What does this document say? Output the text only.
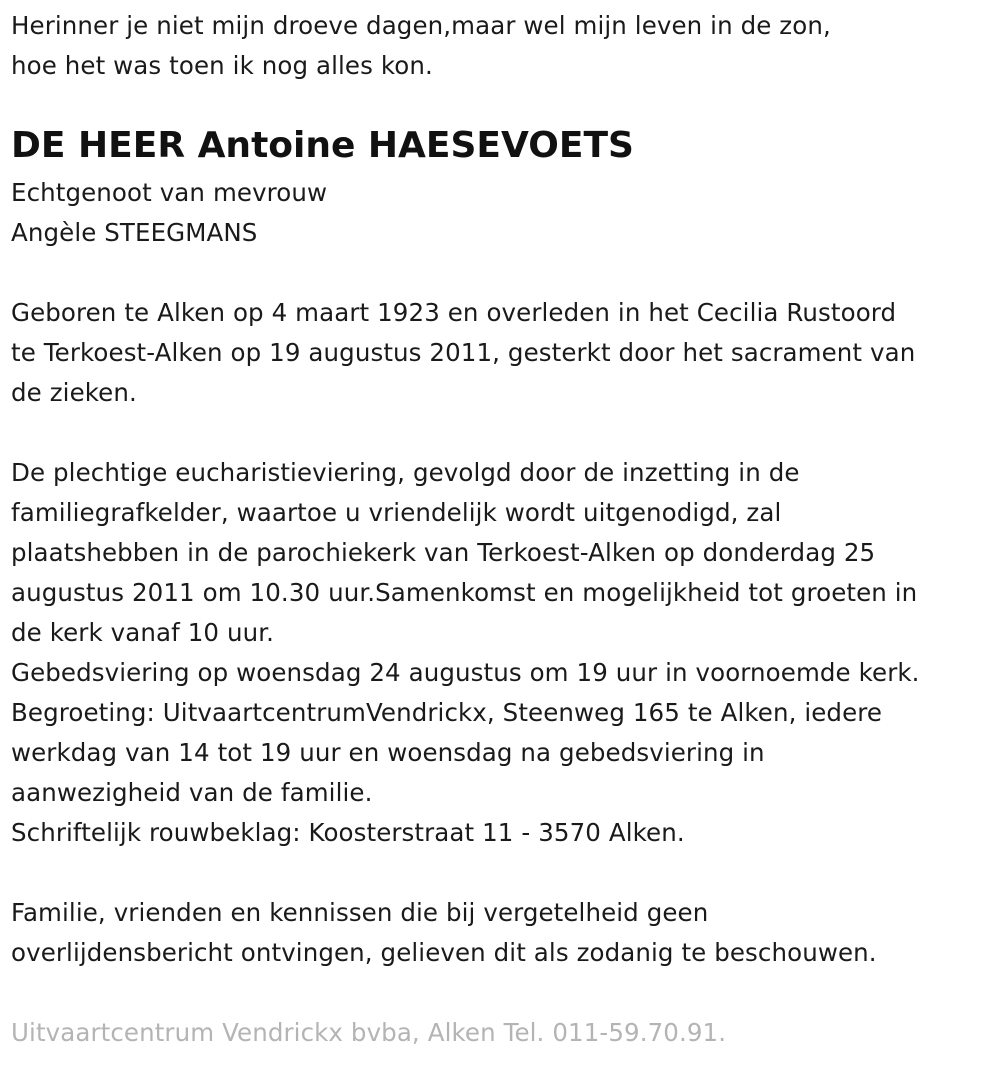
Herinner je niet mijn droeve dagen,maar wel mijn leven in de zon,
hoe het was toen ik nog alles kon.
DE HEER Antoine HAESEVOETS
Echtgenoot van mevrouw
Angèle STEEGMANS
Geboren te Alken op 4 maart 1923 en overleden in het Cecilia Rustoord
te Terkoest-Alken op 19 augustus 2011, gesterkt door het sacrament van
de zieken.
De plechtige eucharistieviering, gevolgd door de inzetting in de
familiegrafkelder, waartoe u vriendelijk wordt uitgenodigd, zal
plaatshebben in de parochiekerk van Terkoest-Alken op donderdag 25
augustus 2011 om 10.30 uur.Samenkomst en mogelijkheid tot groeten in
de kerk vanaf 10 uur.
Gebedsviering op woensdag 24 augustus om 19 uur in voornoemde kerk.
Begroeting: UitvaartcentrumVendrickx, Steenweg 165 te Alken, iedere
werkdag van 14 tot 19 uur en woensdag na gebedsviering in
aanwezigheid van de familie.
Schriftelijk rouwbeklag: Koosterstraat 11 - 3570 Alken.
Familie, vrienden en kennissen die bij vergetelheid geen
overlijdensbericht ontvingen, gelieven dit als zodanig te beschouwen.
Uitvaartcentrum Vendrickx bvba, Alken Tel. 011-59.70.91.
